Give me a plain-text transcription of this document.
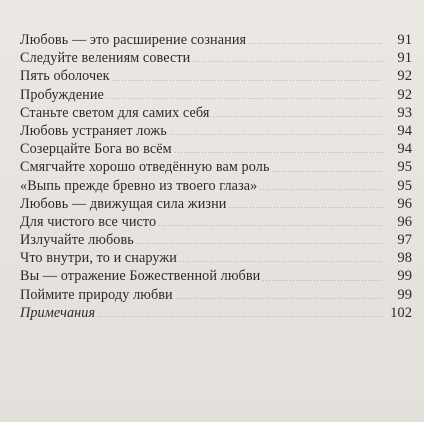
Любовь — это расширение сознания	91
Следуйте велениям совести	91
Пять оболочек	92
Пробуждение	92
Станьте светом для самих себя	93
Любовь устраняет ложь	94
Созерцайте Бога во всём	94
Смягчайте хорошо отведённую вам роль	95
«Выпь прежде бревно из твоего глаза»	95
Любовь — движущая сила жизни	96
Для чистого все чисто	96
Излучайте любовь	97
Что внутри, то и снаружи	98
Вы — отражение Божественной любви	99
Поймите природу любви	99
Примечания	102
